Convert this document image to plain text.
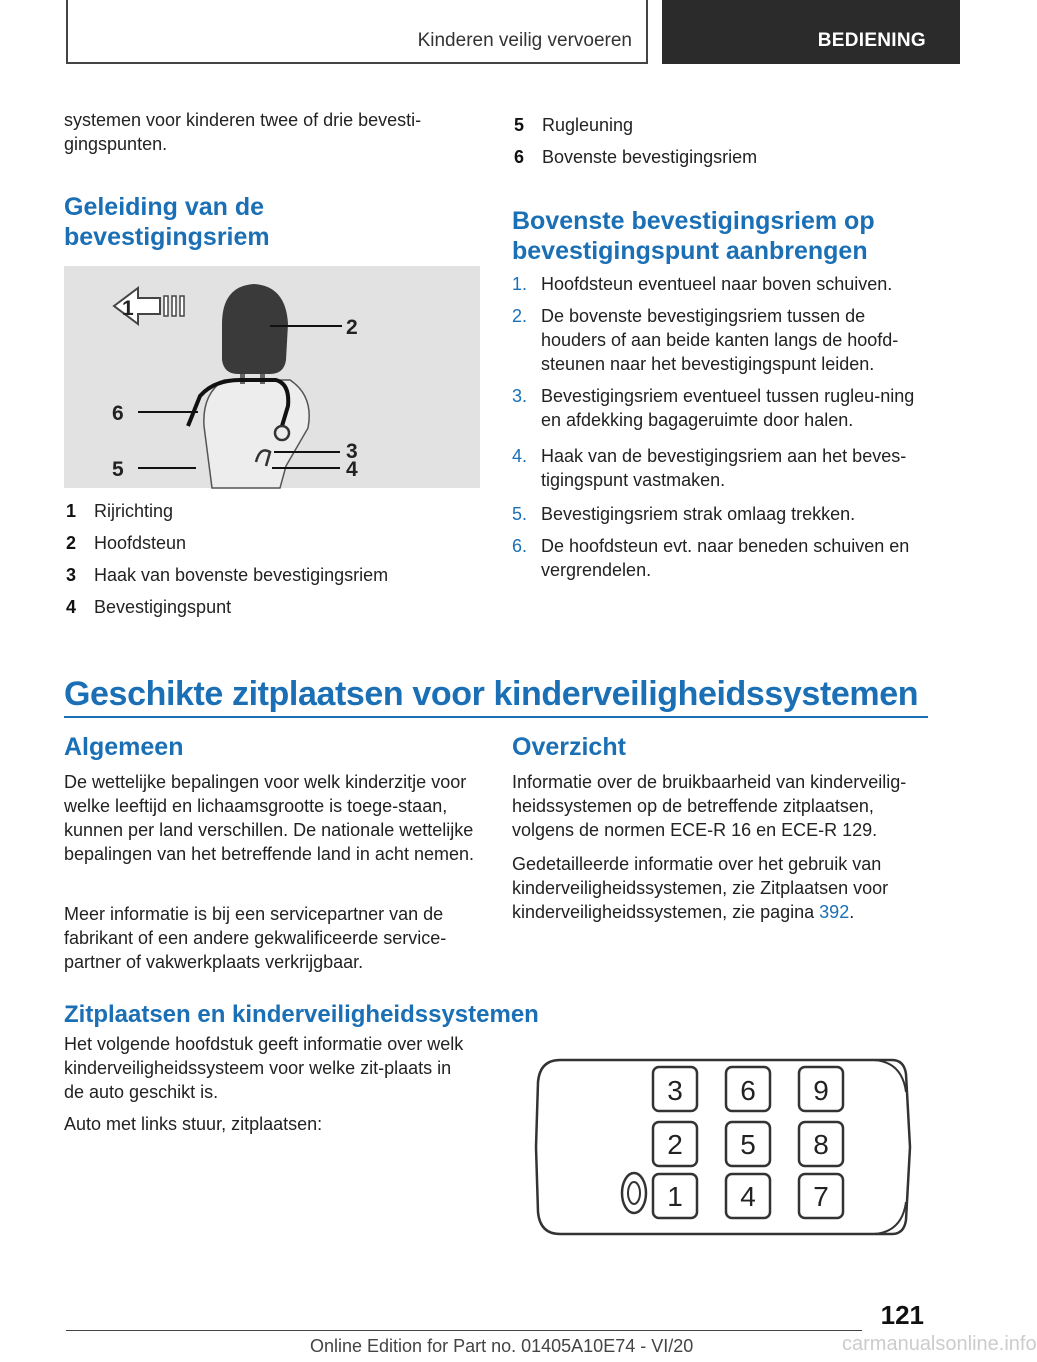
Kinderen veilig vervoeren	BEDIENING

systemen voor kinderen twee of drie bevesti-gingspunten.

Geleiding van de bevestigingsriem
1
2
3
4
5
6
1 Rijrichting
2 Hoofdsteun
3 Haak van bovenste bevestigingsriem
4 Bevestigingspunt
5 Rugleuning
6 Bovenste bevestigingsriem
Bovenste bevestigingsriem op bevestigingspunt aanbrengen
1. Hoofdsteun eventueel naar boven schuiven.
2. De bovenste bevestigingsriem tussen de houders of aan beide kanten langs de hoofd-steunen naar het bevestigingspunt leiden.
3. Bevestigingsriem eventueel tussen rugleu-ning en afdekking bagageruimte door halen.
4. Haak van de bevestigingsriem aan het beves-tigingspunt vastmaken.
5. Bevestigingsriem strak omlaag trekken.
6. De hoofdsteun evt. naar beneden schuiven en vergrendelen.
Geschikte zitplaatsen voor kinderveiligheidssystemen
Algemeen

De wettelijke bepalingen voor welk kinderzitje voor welke leeftijd en lichaamsgrootte is toege-staan, kunnen per land verschillen. De nationale wettelijke bepalingen van het betreffende land in acht nemen.

Meer informatie is bij een servicepartner van de fabrikant of een andere gekwalificeerde service-partner of vakwerkplaats verkrijgbaar.

Overzicht

Informatie over de bruikbaarheid van kinderveilig-heidssystemen op de betreffende zitplaatsen, volgens de normen ECE-R 16 en ECE-R 129.

Gedetailleerde informatie over het gebruik van kinderveiligheidssystemen, zie Zitplaatsen voor kinderveiligheidssystemen, zie pagina 392.

Zitplaatsen en kinderveiligheidssystemen

Het volgende hoofdstuk geeft informatie over welk kinderveiligheidssysteem voor welke zit-plaats in de auto geschikt is.

Auto met links stuur, zitplaatsen:

3 6 9
2 5 8
1 4 7
121
Online Edition for Part no. 01405A10E74 - VI/20	carmanualsonline.info
